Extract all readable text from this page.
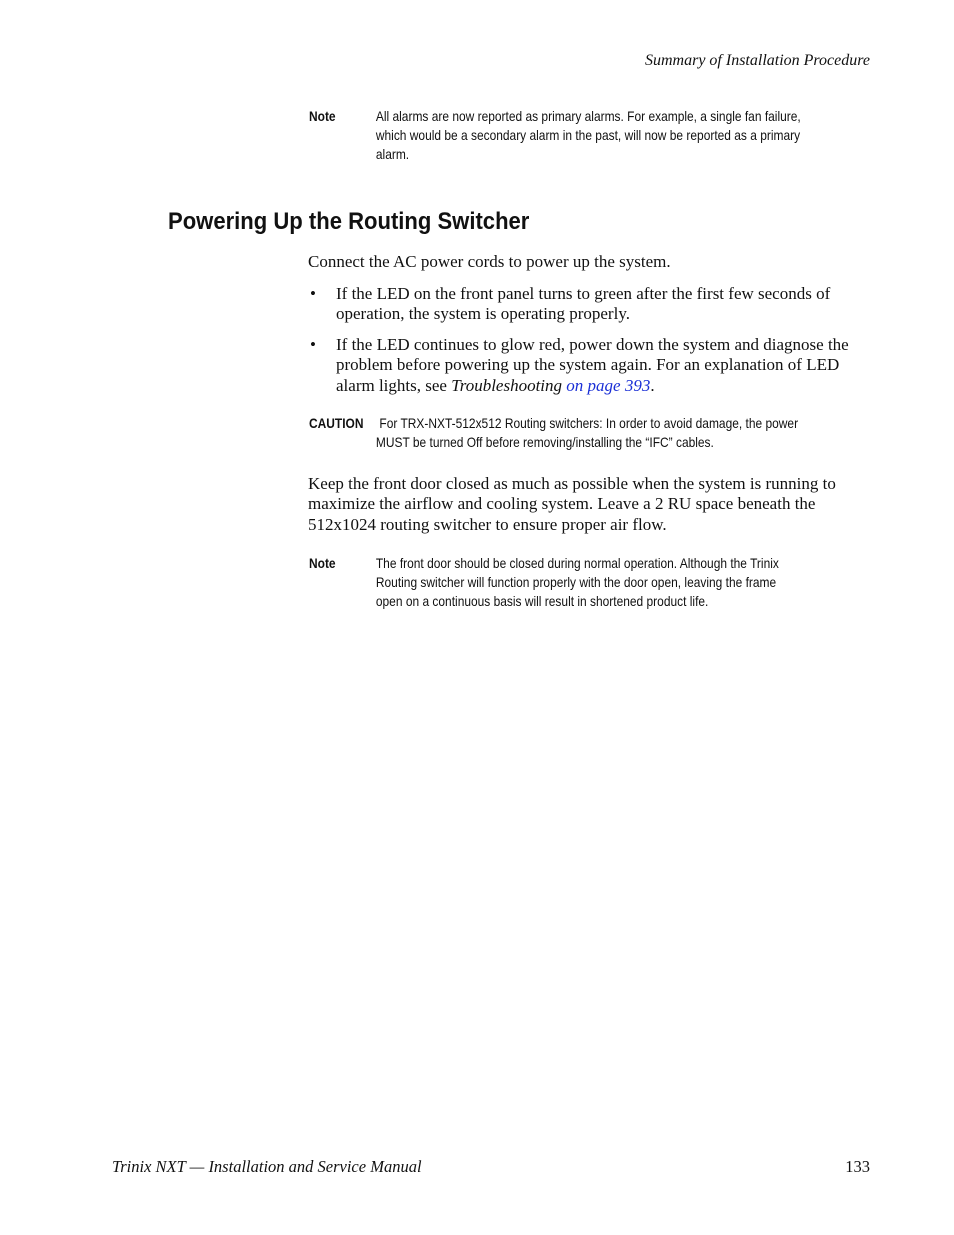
Summary of Installation Procedure
Note	All alarms are now reported as primary alarms. For example, a single fan failure, which would be a secondary alarm in the past, will now be reported as a primary alarm.
Powering Up the Routing Switcher

Connect the AC power cords to power up the system.

• If the LED on the front panel turns to green after the first few seconds of operation, the system is operating properly.
• If the LED continues to glow red, power down the system and diagnose the problem before powering up the system again. For an explanation of LED alarm lights, see Troubleshooting on page 393.
CAUTION For TRX-NXT-512x512 Routing switchers: In order to avoid damage, the power MUST be turned Off before removing/installing the “IFC” cables.

Keep the front door closed as much as possible when the system is running to maximize the airflow and cooling system. Leave a 2 RU space beneath the 512x1024 routing switcher to ensure proper air flow.

Note	The front door should be closed during normal operation. Although the Trinix Routing switcher will function properly with the door open, leaving the frame open on a continuous basis will result in shortened product life.
Trinix NXT — Installation and Service Manual	133
